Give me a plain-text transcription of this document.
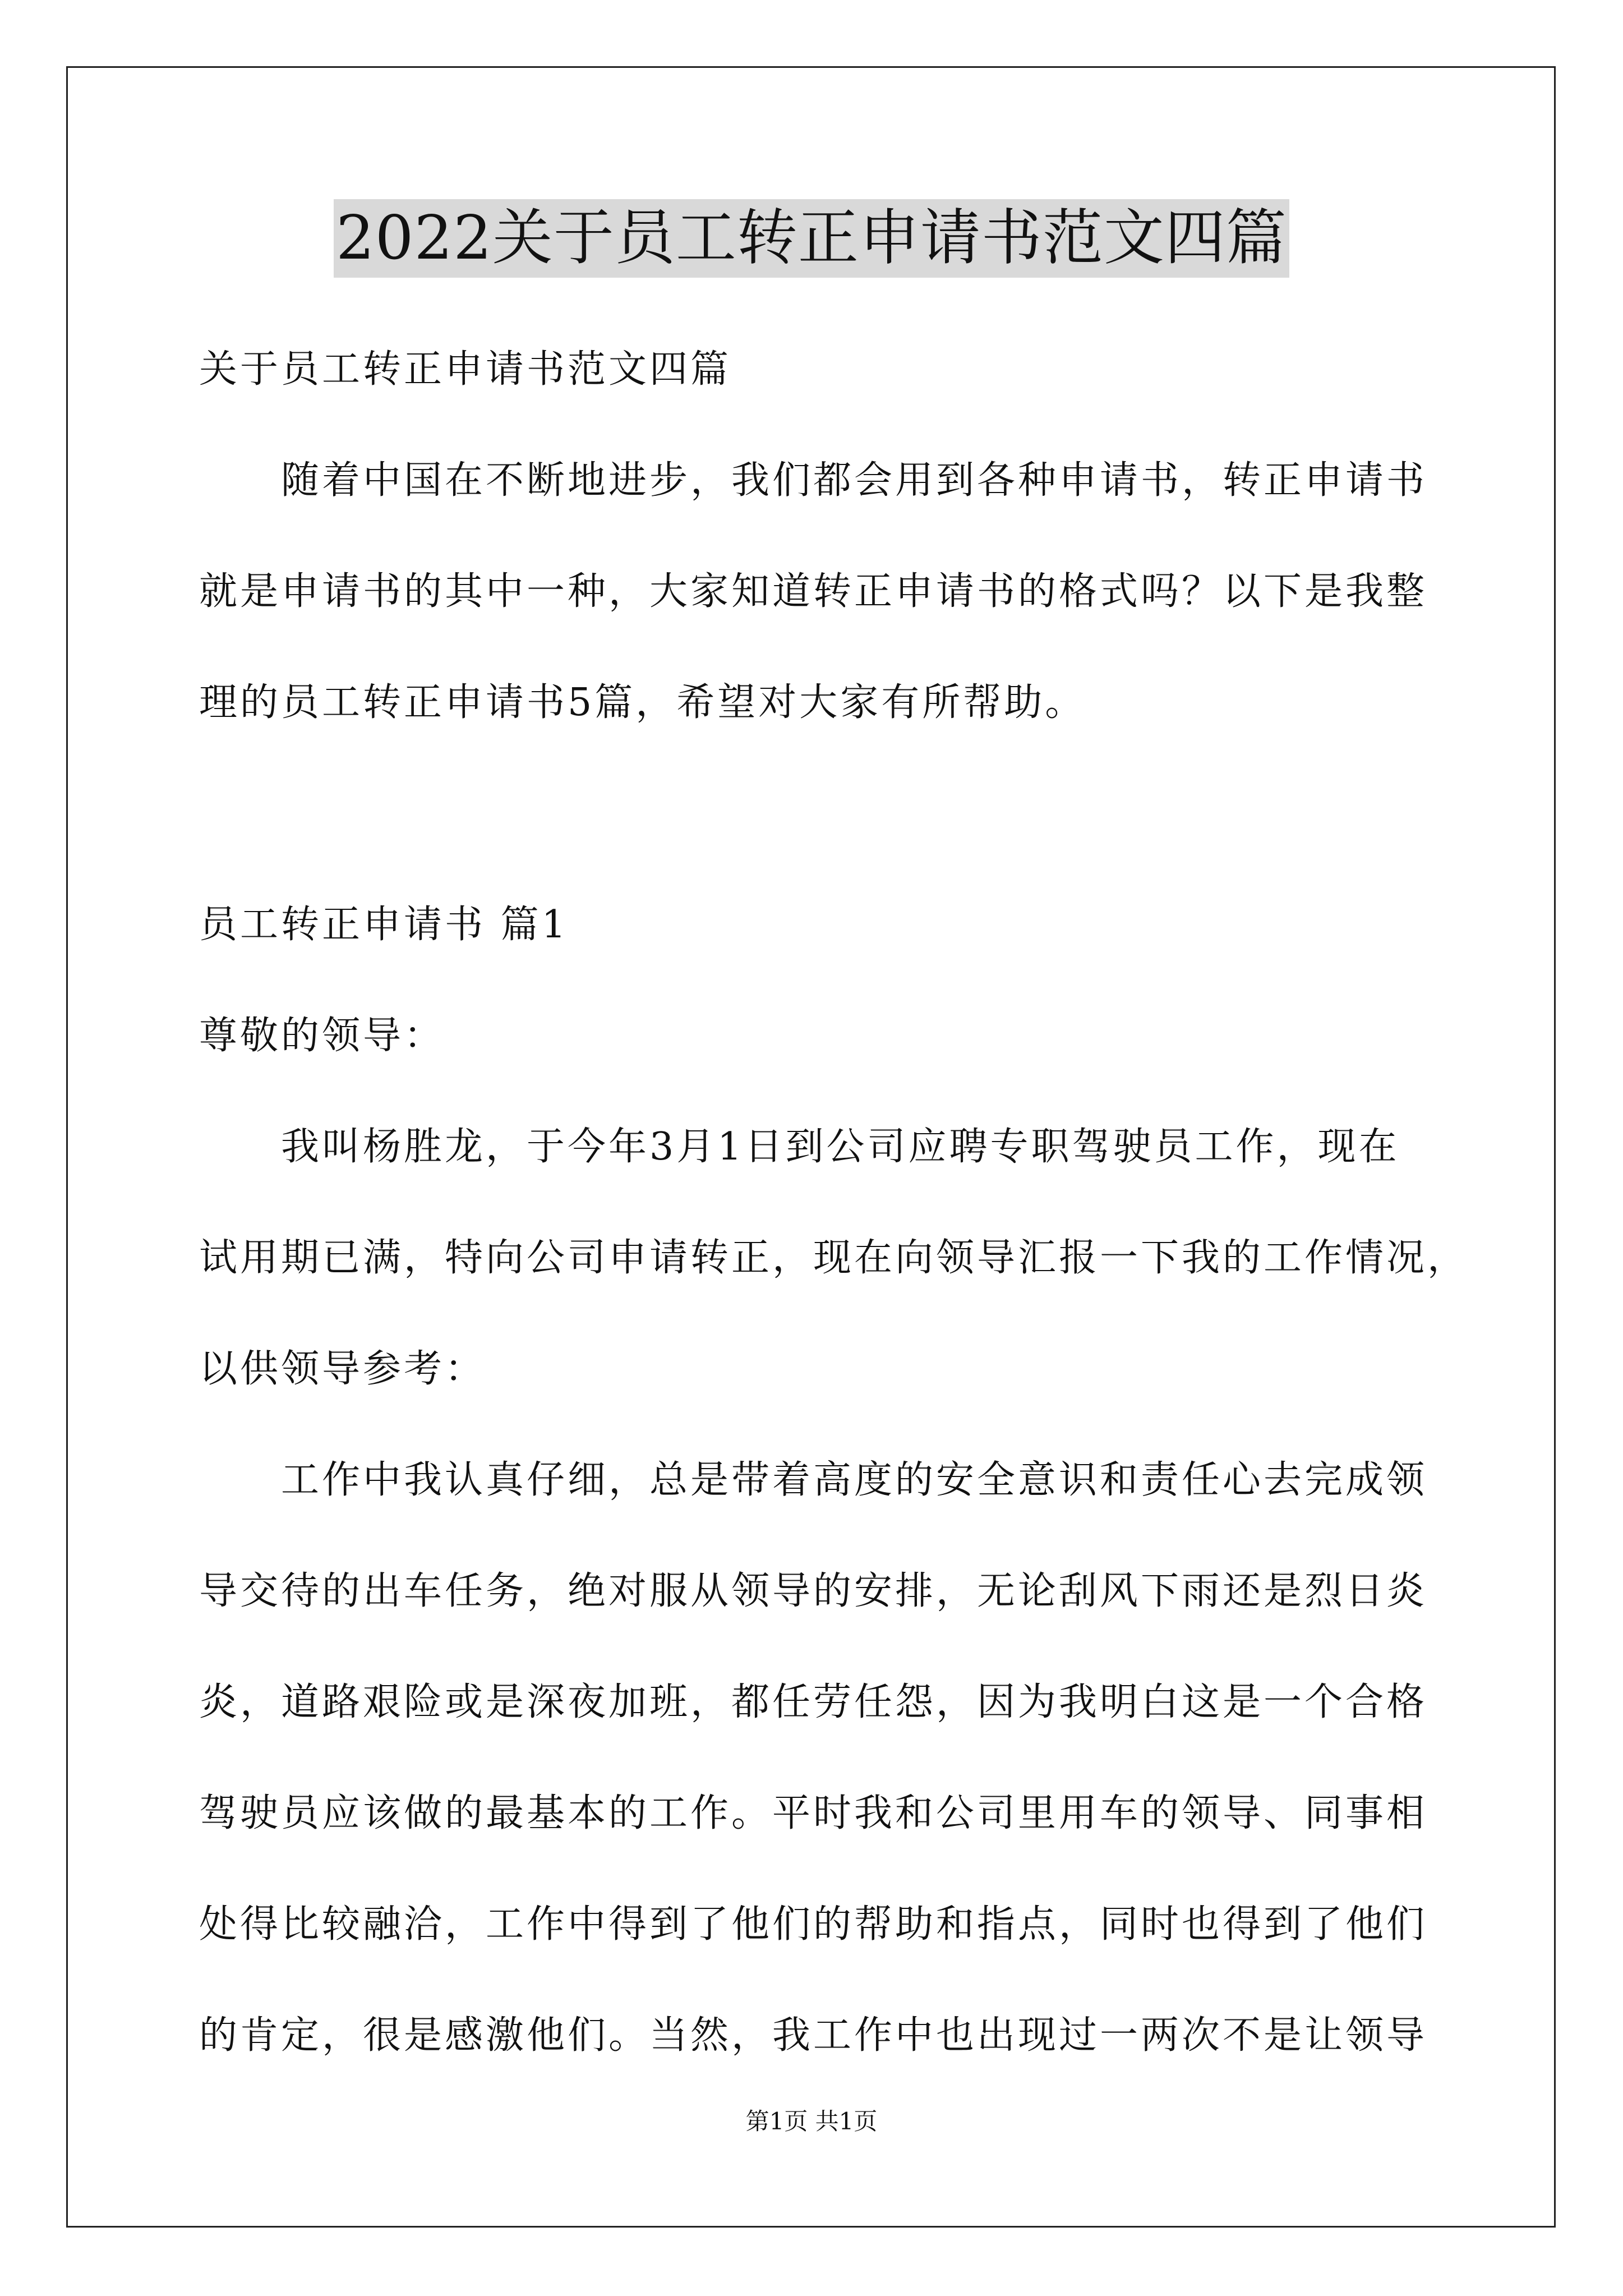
2022关于员工转正申请书范文四篇
关于员工转正申请书范文四篇
随着中国在不断地进步，我们都会用到各种申请书，转正申请书
就是申请书的其中一种，大家知道转正申请书的格式吗？以下是我整
理的员工转正申请书5篇，希望对大家有所帮助。
员工转正申请书 篇1
尊敬的领导：
我叫杨胜龙，于今年3月1日到公司应聘专职驾驶员工作，现在
试用期已满，特向公司申请转正，现在向领导汇报一下我的工作情况，
以供领导参考：
工作中我认真仔细，总是带着高度的安全意识和责任心去完成领
导交待的出车任务，绝对服从领导的安排，无论刮风下雨还是烈日炎
炎，道路艰险或是深夜加班，都任劳任怨，因为我明白这是一个合格
驾驶员应该做的最基本的工作。平时我和公司里用车的领导、同事相
处得比较融洽，工作中得到了他们的帮助和指点，同时也得到了他们
的肯定，很是感激他们。当然，我工作中也出现过一两次不是让领导
第1页 共1页
